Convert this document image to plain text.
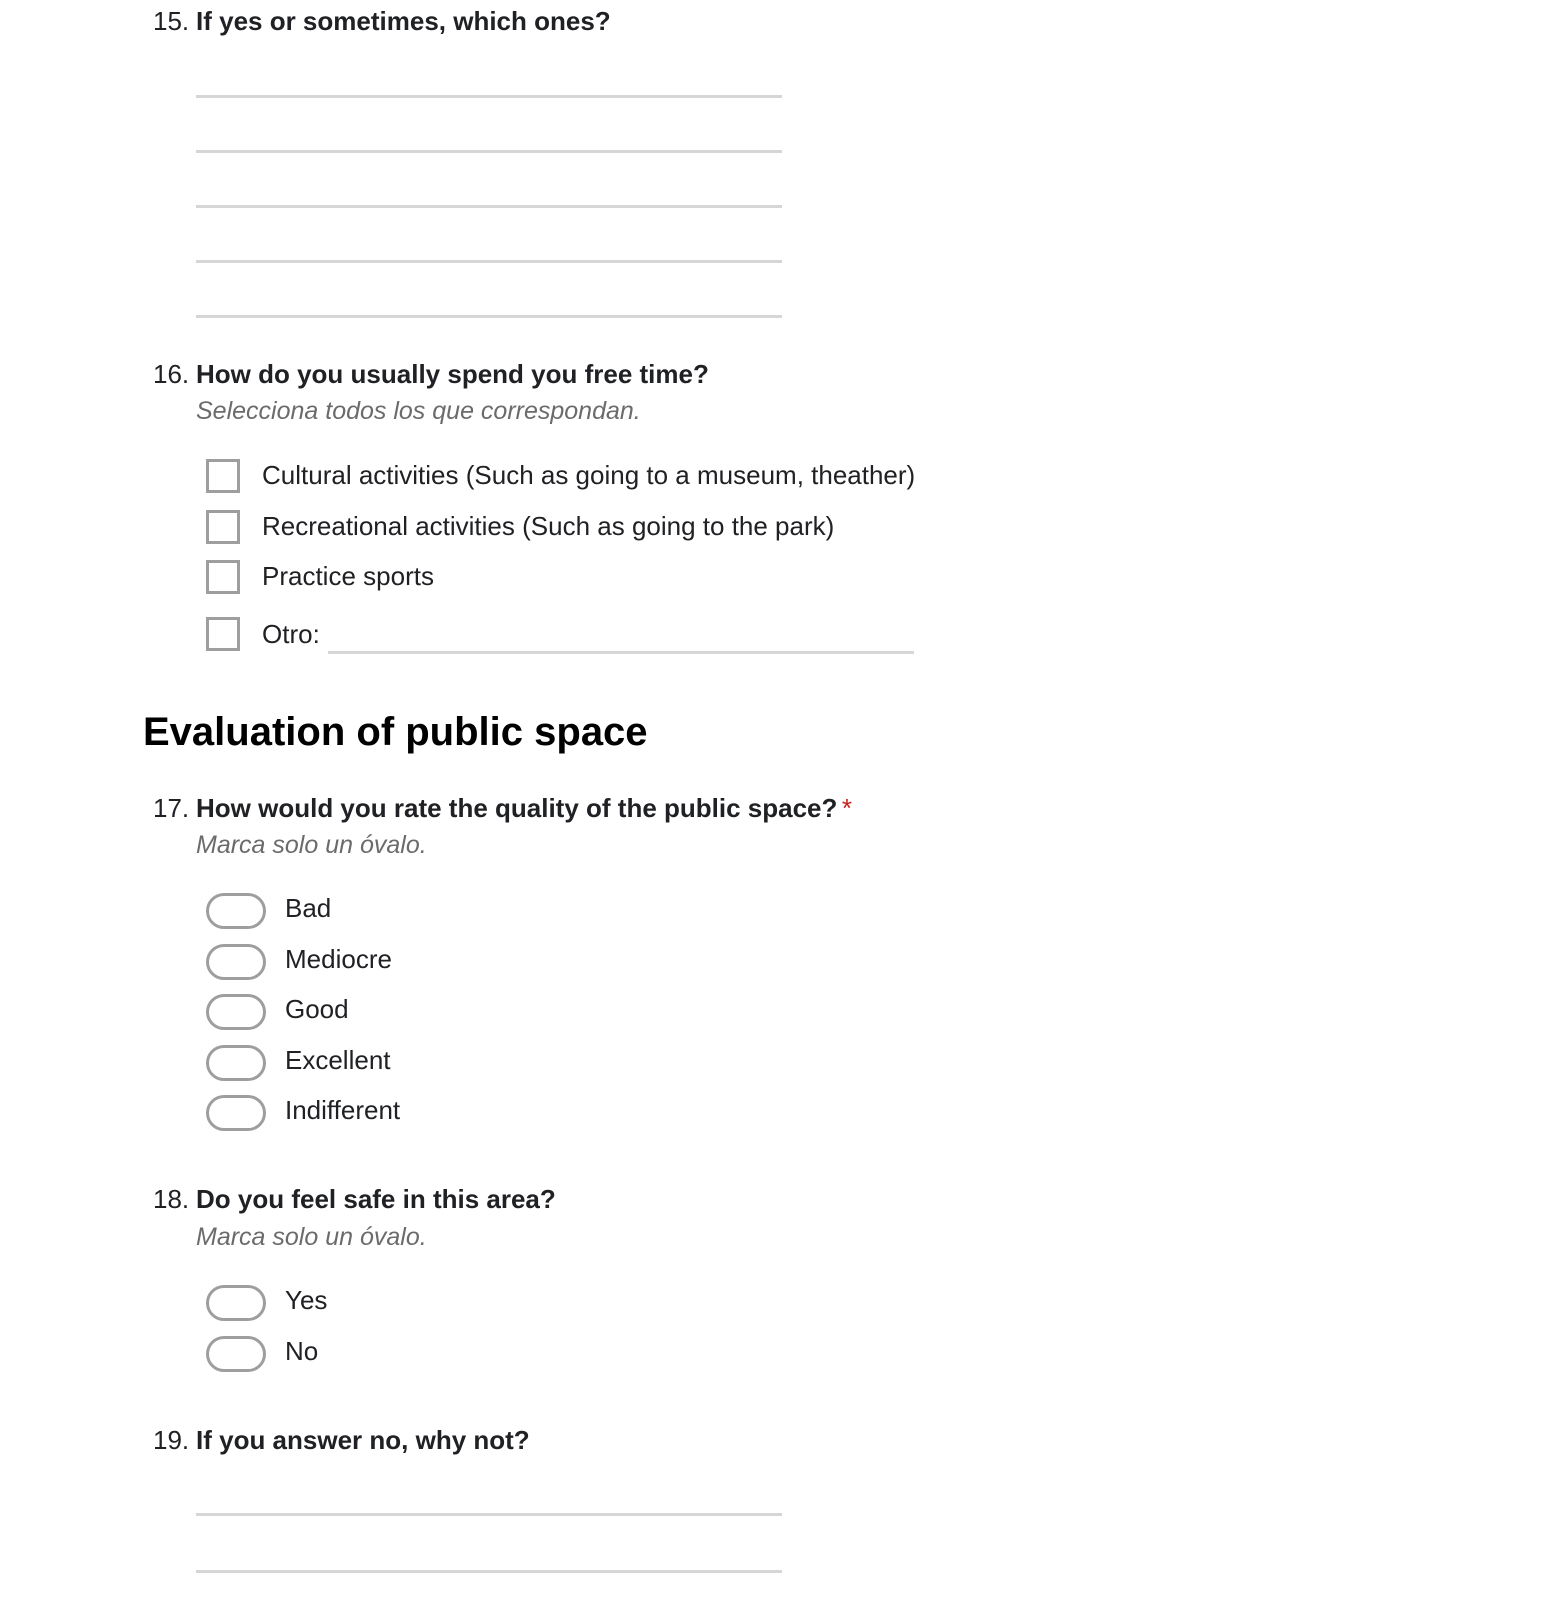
15. If yes or sometimes, which ones?
16. How do you usually spend you free time?
Selecciona todos los que correspondan.
Cultural activities (Such as going to a museum, theather)
Recreational activities (Such as going to the park)
Practice sports
Otro:
Evaluation of public space
17. How would you rate the quality of the public space? *
Marca solo un óvalo.
Bad
Mediocre
Good
Excellent
Indifferent
18. Do you feel safe in this area?
Marca solo un óvalo.
Yes
No
19. If you answer no, why not?
